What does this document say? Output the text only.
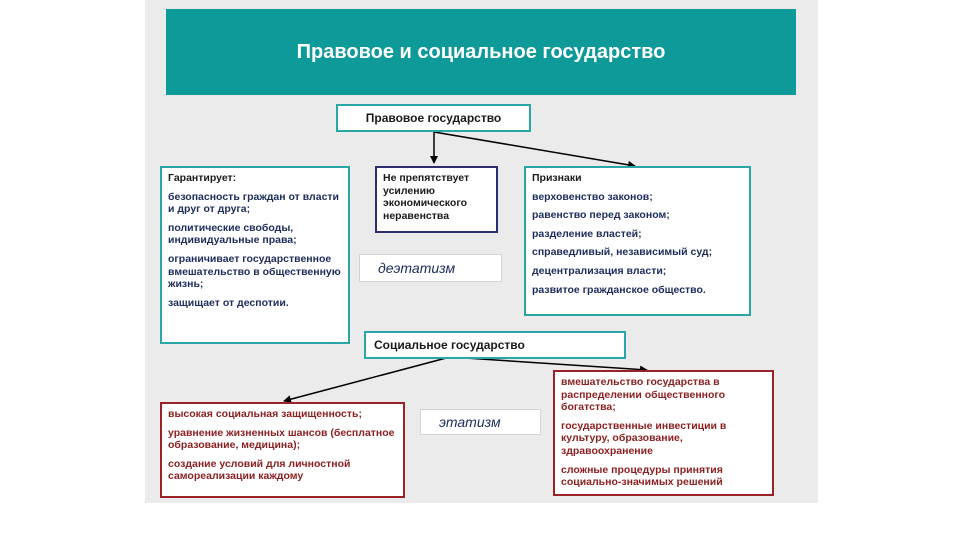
Правовое и социальное государство
Правовое государство
Гарантирует:
безопасность граждан от власти и друг от друга;
политические свободы, индивидуальные права;
ограничивает государственное вмешательство в общественную жизнь;
защищает от деспотии.
Не препятствует усилению экономического неравенства
деэтатизм
Признаки
верховенство законов;
равенство перед законом;
разделение властей;
справедливый, независимый суд;
децентрализация власти;
развитое гражданское общество.
Социальное государство
высокая социальная защищенность;
уравнение жизненных шансов (бесплатное образование, медицина);
создание условий для личностной самореализации каждому
этатизм
вмешательство государства в распределении общественного богатства;
государственные инвестиции в культуру, образование, здравоохранение
сложные процедуры принятия социально-значимых решений
